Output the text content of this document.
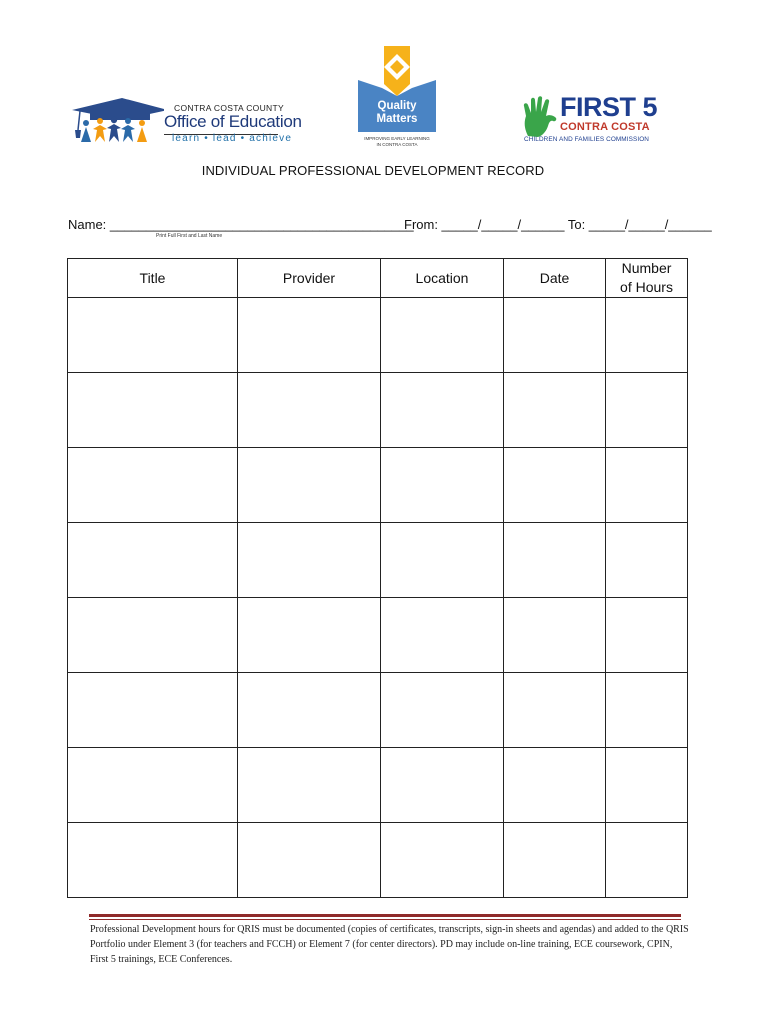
CONTRA COSTA COUNTY
Office of Education
learn • lead • achieve
Quality
Matters
IMPROVING EARLY LEARNING
IN CONTRA COSTA
FIRST 5
CONTRA COSTA
CHILDREN AND FAMILIES COMMISSION
INDIVIDUAL PROFESSIONAL DEVELOPMENT RECORD
Name: __________________________________________
Print Full First and Last Name
From: _____/_____/______ To: _____/_____/______
Title	Provider	Location	Date	Number
of Hours

Professional Development hours for QRIS must be documented (copies of certificates, transcripts, sign-in sheets and agendas) and added to the QRIS Portfolio under Element 3 (for teachers and FCCH) or Element 7 (for center directors). PD may include on-line training, ECE coursework, CPIN, First 5 trainings, ECE Conferences.
